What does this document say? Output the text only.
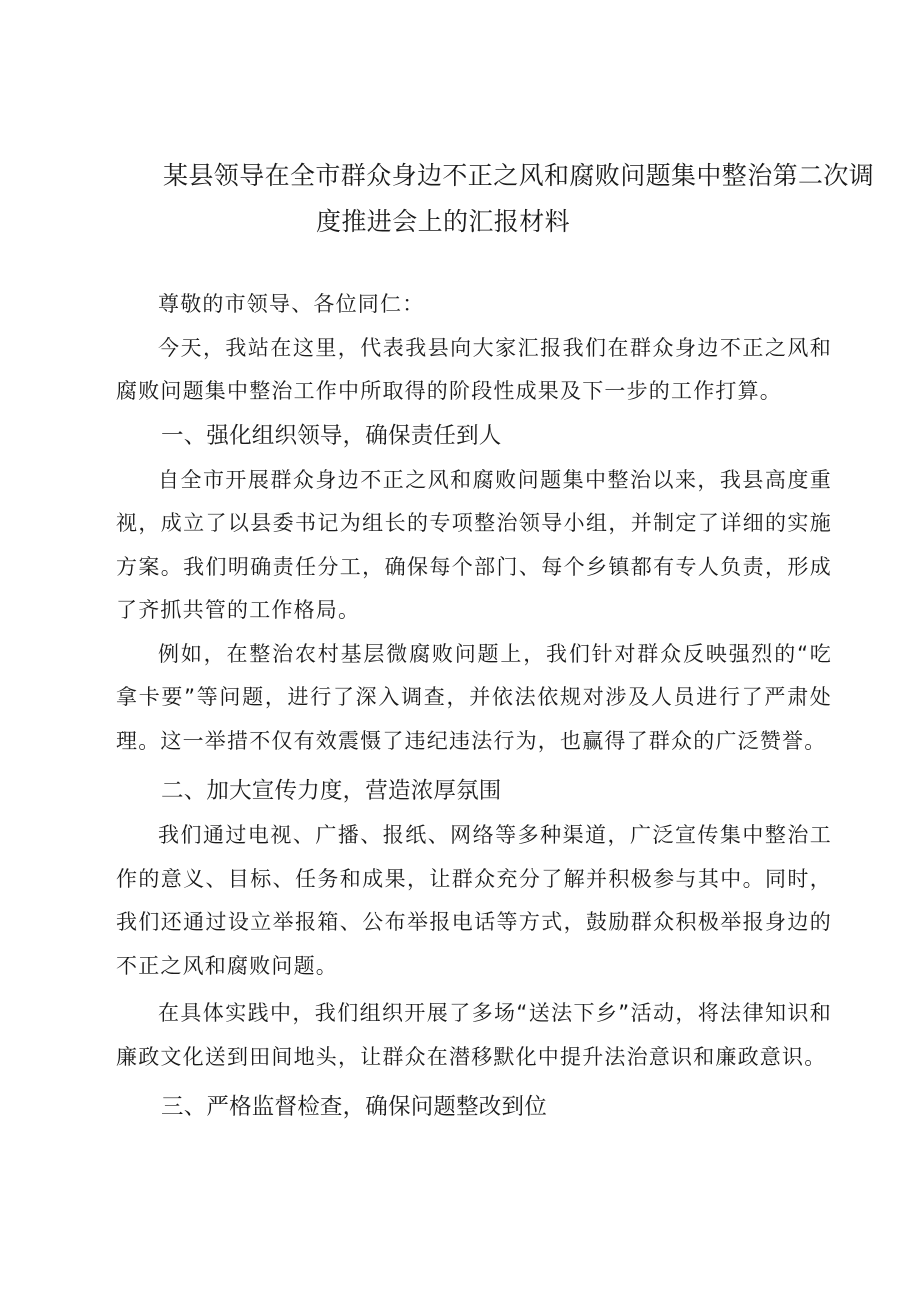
某县领导在全市群众身边不正之风和腐败问题集中整治第二次调
度推进会上的汇报材料

尊敬的市领导、各位同仁：

今天，我站在这里，代表我县向大家汇报我们在群众身边不正之风和腐败问题集中整治工作中所取得的阶段性成果及下一步的工作打算。

一、强化组织领导，确保责任到人

自全市开展群众身边不正之风和腐败问题集中整治以来，我县高度重视，成立了以县委书记为组长的专项整治领导小组，并制定了详细的实施方案。我们明确责任分工，确保每个部门、每个乡镇都有专人负责，形成了齐抓共管的工作格局。

例如，在整治农村基层微腐败问题上，我们针对群众反映强烈的“吃拿卡要”等问题，进行了深入调查，并依法依规对涉及人员进行了严肃处理。这一举措不仅有效震慑了违纪违法行为，也赢得了群众的广泛赞誉。

二、加大宣传力度，营造浓厚氛围

我们通过电视、广播、报纸、网络等多种渠道，广泛宣传集中整治工作的意义、目标、任务和成果，让群众充分了解并积极参与其中。同时，我们还通过设立举报箱、公布举报电话等方式，鼓励群众积极举报身边的不正之风和腐败问题。

在具体实践中，我们组织开展了多场“送法下乡”活动，将法律知识和廉政文化送到田间地头，让群众在潜移默化中提升法治意识和廉政意识。

三、严格监督检查，确保问题整改到位
